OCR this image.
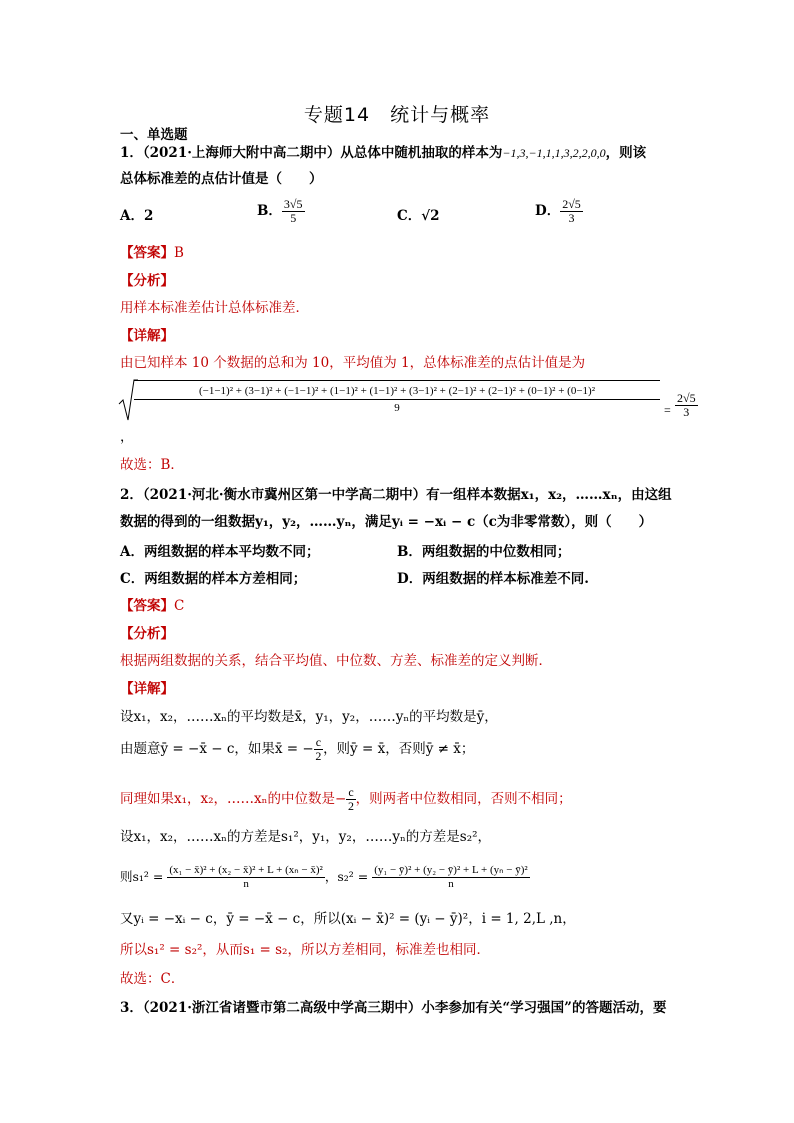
专题14　统计与概率
一、单选题
1．（2021·上海师大附中高二期中）从总体中随机抽取的样本为−1,3,−1,1,1,3,2,2,0,0，则该
总体标准差的点估计值是（　　）
A．2	B． $\frac{3√5}{5}$	C．√2	D． $\frac{2√5}{3}$
【答案】B
【分析】
用样本标准差估计总体标准差．
【详解】
由已知样本 10 个数据的总和为 10，平均值为 1，总体标准差的点估计值是为
(−1−1)² + (3−1)² + (−1−1)² + (1−1)² + (1−1)² + (3−1)² + (2−1)² + (2−1)² + (0−1)² + (0−1)²
9	= $\frac{2√5}{3}$
，
故选：B．
2．（2021·河北·衡水市冀州区第一中学高二期中）有一组样本数据x₁，x₂，……xₙ，由这组
数据的得到的一组数据y₁，y₂，……yₙ，满足yᵢ = −xᵢ − c（c为非零常数），则（　　）
A．两组数据的样本平均数不同；	B．两组数据的中位数相同；
C．两组数据的样本方差相同；	D．两组数据的样本标准差不同.
【答案】C
【分析】
根据两组数据的关系，结合平均值、中位数、方差、标准差的定义判断．
【详解】
设x₁，x₂，……xₙ的平均数是x̄，y₁，y₂，……yₙ的平均数是ȳ，
由题意ȳ = −x̄ − c，如果x̄ = − $\frac{c}{2}$ ，则ȳ = x̄，否则ȳ ≠ x̄；
同理如果x₁，x₂，……xₙ的中位数是− $\frac{c}{2}$ ，则两者中位数相同，否则不相同；
设x₁，x₂，……xₙ的方差是s₁²，y₁，y₂，……yₙ的方差是s₂²，
则$s_1^2 = \frac{\text{(x₁ − x̄)² + (x₂ − x̄)² + L + (xₙ − x̄)²}}{n}$ ，$s_2^2 = \frac{\text{(y₁ − ȳ)² + (y₂ − ȳ)² + L + (yₙ − ȳ)²}}{n}$
又yᵢ = −xᵢ − c，ȳ = −x̄ − c，所以(xᵢ − x̄)² = (yᵢ − ȳ)²，i = 1, 2,L ,n，
所以s₁² = s₂²，从而s₁ = s₂，所以方差相同，标准差也相同．
故选：C．
3．（2021·浙江省诸暨市第二高级中学高三期中）小李参加有关“学习强国”的答题活动，要
